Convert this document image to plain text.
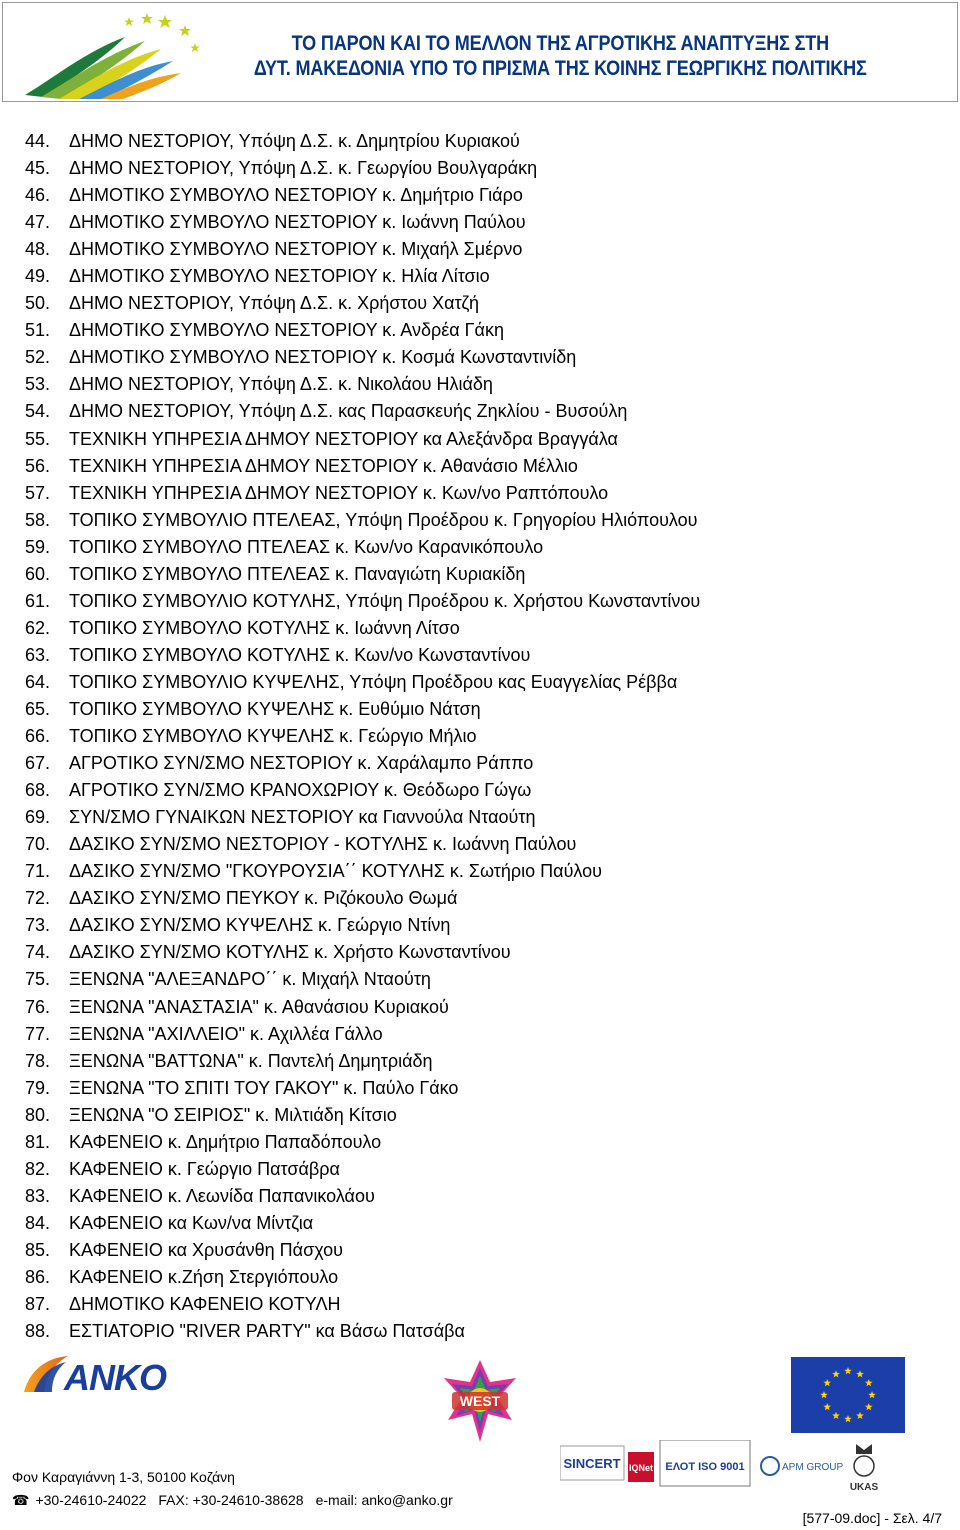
ΤΟ ΠΑΡΟΝ ΚΑΙ ΤΟ ΜΕΛΛΟΝ ΤΗΣ ΑΓΡΟΤΙΚΗΣ ΑΝΑΠΤΥΞΗΣ ΣΤΗ
ΔΥΤ. ΜΑΚΕΔΟΝΙΑ ΥΠΟ ΤΟ ΠΡΙΣΜΑ ΤΗΣ ΚΟΙΝΗΣ ΓΕΩΡΓΙΚΗΣ ΠΟΛΙΤΙΚΗΣ
44.	ΔΗΜΟ ΝΕΣΤΟΡΙΟΥ, Υπόψη Δ.Σ. κ. Δημητρίου Κυριακού
45.	ΔΗΜΟ ΝΕΣΤΟΡΙΟΥ, Υπόψη Δ.Σ. κ. Γεωργίου Βουλγαράκη
46.	ΔΗΜΟΤΙΚΟ ΣΥΜΒΟΥΛΟ ΝΕΣΤΟΡΙΟΥ κ. Δημήτριο Γιάρο
47.	ΔΗΜΟΤΙΚΟ ΣΥΜΒΟΥΛΟ ΝΕΣΤΟΡΙΟΥ κ. Ιωάννη Παύλου
48.	ΔΗΜΟΤΙΚΟ ΣΥΜΒΟΥΛΟ ΝΕΣΤΟΡΙΟΥ κ. Μιχαήλ Σμέρνο
49.	ΔΗΜΟΤΙΚΟ ΣΥΜΒΟΥΛΟ ΝΕΣΤΟΡΙΟΥ κ. Ηλία Λίτσιο
50.	ΔΗΜΟ ΝΕΣΤΟΡΙΟΥ, Υπόψη Δ.Σ. κ. Χρήστου Χατζή
51.	ΔΗΜΟΤΙΚΟ ΣΥΜΒΟΥΛΟ ΝΕΣΤΟΡΙΟΥ κ. Ανδρέα Γάκη
52.	ΔΗΜΟΤΙΚΟ ΣΥΜΒΟΥΛΟ ΝΕΣΤΟΡΙΟΥ κ. Κοσμά Κωνσταντινίδη
53.	ΔΗΜΟ ΝΕΣΤΟΡΙΟΥ, Υπόψη Δ.Σ. κ. Νικολάου Ηλιάδη
54.	ΔΗΜΟ ΝΕΣΤΟΡΙΟΥ, Υπόψη Δ.Σ. κας Παρασκευής Ζηκλίου - Βυσούλη
55.	ΤΕΧΝΙΚΗ ΥΠΗΡΕΣΙΑ ΔΗΜΟΥ ΝΕΣΤΟΡΙΟΥ κα Αλεξάνδρα Βραγγάλα
56.	ΤΕΧΝΙΚΗ ΥΠΗΡΕΣΙΑ ΔΗΜΟΥ ΝΕΣΤΟΡΙΟΥ κ. Αθανάσιο Μέλλιο
57.	ΤΕΧΝΙΚΗ ΥΠΗΡΕΣΙΑ ΔΗΜΟΥ ΝΕΣΤΟΡΙΟΥ κ. Κων/νο Ραπτόπουλο
58.	ΤΟΠΙΚΟ ΣΥΜΒΟΥΛΙΟ ΠΤΕΛΕΑΣ, Υπόψη Προέδρου κ. Γρηγορίου Ηλιόπουλου
59.	ΤΟΠΙΚΟ ΣΥΜΒΟΥΛΟ ΠΤΕΛΕΑΣ κ. Κων/νο Καρανικόπουλο
60.	ΤΟΠΙΚΟ ΣΥΜΒΟΥΛΟ ΠΤΕΛΕΑΣ κ. Παναγιώτη Κυριακίδη
61.	ΤΟΠΙΚΟ ΣΥΜΒΟΥΛΙΟ ΚΟΤΥΛΗΣ, Υπόψη Προέδρου κ. Χρήστου Κωνσταντίνου
62.	ΤΟΠΙΚΟ ΣΥΜΒΟΥΛΟ ΚΟΤΥΛΗΣ κ. Ιωάννη Λίτσο
63.	ΤΟΠΙΚΟ ΣΥΜΒΟΥΛΟ ΚΟΤΥΛΗΣ κ. Κων/νο Κωνσταντίνου
64.	ΤΟΠΙΚΟ ΣΥΜΒΟΥΛΙΟ ΚΥΨΕΛΗΣ, Υπόψη Προέδρου κας Ευαγγελίας Ρέββα
65.	ΤΟΠΙΚΟ ΣΥΜΒΟΥΛΟ ΚΥΨΕΛΗΣ κ. Ευθύμιο Νάτση
66.	ΤΟΠΙΚΟ ΣΥΜΒΟΥΛΟ ΚΥΨΕΛΗΣ κ. Γεώργιο Μήλιο
67.	ΑΓΡΟΤΙΚΟ ΣΥΝ/ΣΜΟ ΝΕΣΤΟΡΙΟΥ κ. Χαράλαμπο Ράππο
68.	ΑΓΡΟΤΙΚΟ ΣΥΝ/ΣΜΟ ΚΡΑΝΟΧΩΡΙΟΥ κ. Θεόδωρο Γώγω
69.	ΣΥΝ/ΣΜΟ ΓΥΝΑΙΚΩΝ ΝΕΣΤΟΡΙΟΥ κα Γιαννούλα Νταούτη
70.	ΔΑΣΙΚΟ ΣΥΝ/ΣΜΟ ΝΕΣΤΟΡΙΟΥ - ΚΟΤΥΛΗΣ κ. Ιωάννη Παύλου
71.	ΔΑΣΙΚΟ ΣΥΝ/ΣΜΟ "ΓΚΟΥΡΟΥΣΙΑ΄΄ ΚΟΤΥΛΗΣ κ. Σωτήριο Παύλου
72.	ΔΑΣΙΚΟ ΣΥΝ/ΣΜΟ ΠΕΥΚΟΥ κ. Ριζόκουλο Θωμά
73.	ΔΑΣΙΚΟ ΣΥΝ/ΣΜΟ ΚΥΨΕΛΗΣ κ. Γεώργιο Ντίνη
74.	ΔΑΣΙΚΟ ΣΥΝ/ΣΜΟ ΚΟΤΥΛΗΣ κ. Χρήστο Κωνσταντίνου
75.	ΞΕΝΩΝΑ "ΑΛΕΞΑΝΔΡΟ΄΄ κ. Μιχαήλ Νταούτη
76.	ΞΕΝΩΝΑ "ΑΝΑΣΤΑΣΙΑ" κ. Αθανάσιου Κυριακού
77.	ΞΕΝΩΝΑ "ΑΧΙΛΛΕΙΟ" κ. Αχιλλέα Γάλλο
78.	ΞΕΝΩΝΑ "ΒΑΤΤΩΝΑ" κ. Παντελή Δημητριάδη
79.	ΞΕΝΩΝΑ "ΤΟ ΣΠΙΤΙ ΤΟΥ ΓΑΚΟΥ" κ. Παύλο Γάκο
80.	ΞΕΝΩΝΑ "Ο ΣΕΙΡΙΟΣ" κ. Μιλτιάδη Κίτσιο
81.	ΚΑΦΕΝΕΙΟ κ. Δημήτριο Παπαδόπουλο
82.	ΚΑΦΕΝΕΙΟ κ. Γεώργιο Πατσάβρα
83.	ΚΑΦΕΝΕΙΟ κ. Λεωνίδα Παπανικολάου
84.	ΚΑΦΕΝΕΙΟ κα Κων/να Μίντζια
85.	ΚΑΦΕΝΕΙΟ κα Χρυσάνθη Πάσχου
86.	ΚΑΦΕΝΕΙΟ κ.Ζήση Στεργιόπουλο
87.	ΔΗΜΟΤΙΚΟ ΚΑΦΕΝΕΙΟ ΚΟΤΥΛΗ
88.	ΕΣΤΙΑΤΟΡΙΟ "RIVER PARTY" κα Βάσω Πατσάβα
ANKO
WEST
SINCERT IQNet ΕΛΟΤ ISO 9001	APM GROUP
UKAS
Φον Καραγιάννη 1-3, 50100 Κοζάνη
☎ +30-24610-24022 FAX: +30-24610-38628 e-mail: anko@anko.gr
[577-09.doc] - Σελ. 4/7
